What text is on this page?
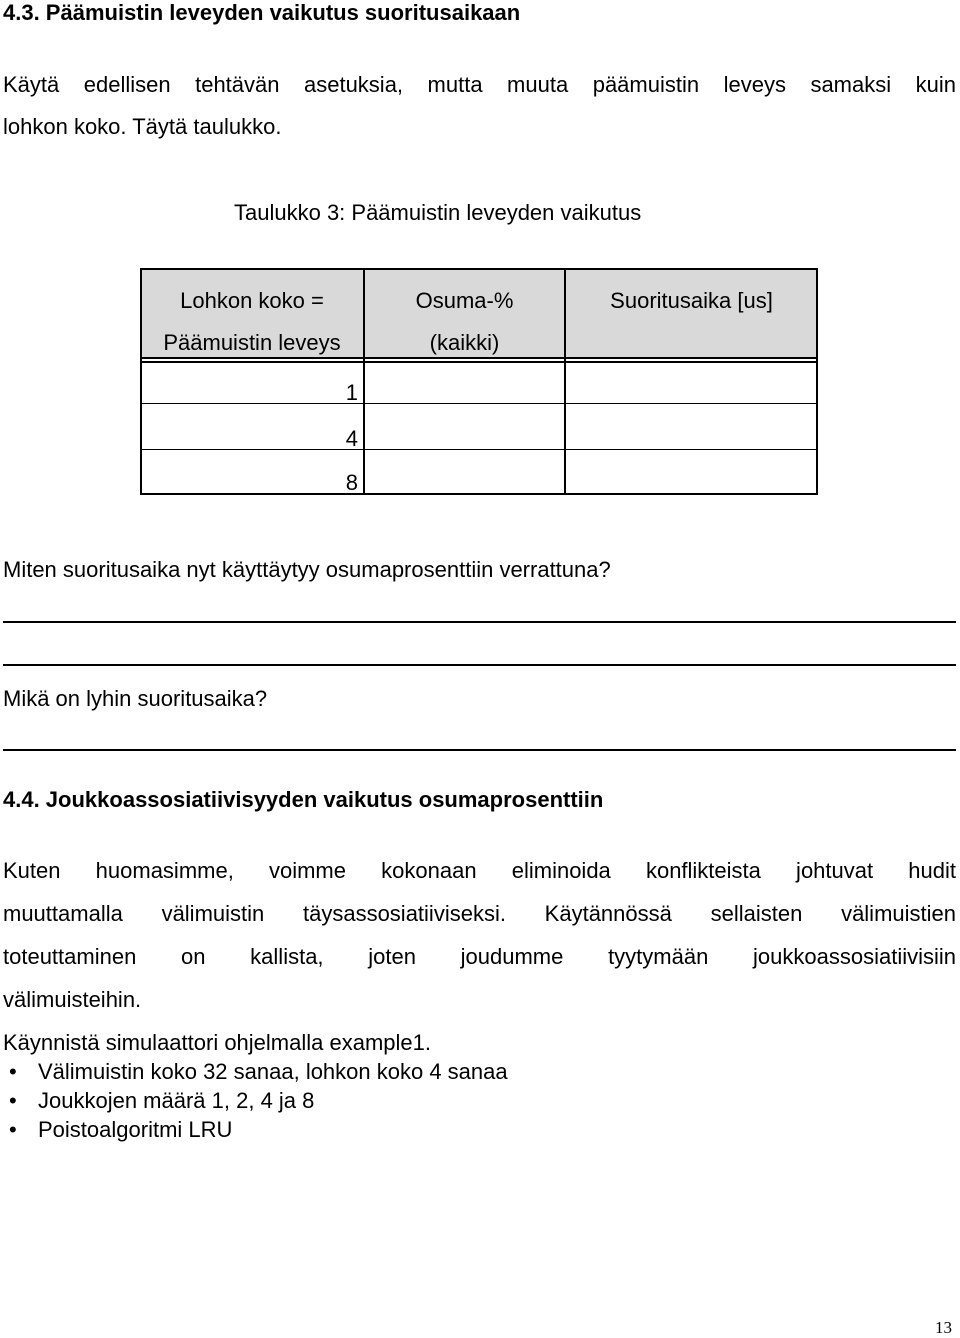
4.3. Päämuistin leveyden vaikutus suoritusaikaan
Käytä edellisen tehtävän asetuksia, mutta muuta päämuistin leveys samaksi kuin
lohkon koko. Täytä taulukko.
Taulukko 3: Päämuistin leveyden vaikutus
Lohkon koko =
Päämuistin leveys
Osuma-%
(kaikki)
Suoritusaika [us]
1
4
8
Miten suoritusaika nyt käyttäytyy osumaprosenttiin verrattuna?
Mikä on lyhin suoritusaika?
4.4. Joukkoassosiatiivisyyden vaikutus osumaprosenttiin
Kuten huomasimme, voimme kokonaan eliminoida konflikteista johtuvat hudit
muuttamalla välimuistin täysassosiatiiviseksi. Käytännössä sellaisten välimuistien
toteuttaminen on kallista, joten joudumme tyytymään joukkoassosiatiivisiin
välimuisteihin.
Käynnistä simulaattori ohjelmalla example1.
• Välimuistin koko 32 sanaa, lohkon koko 4 sanaa
• Joukkojen määrä 1, 2, 4 ja 8
• Poistoalgoritmi LRU
13
